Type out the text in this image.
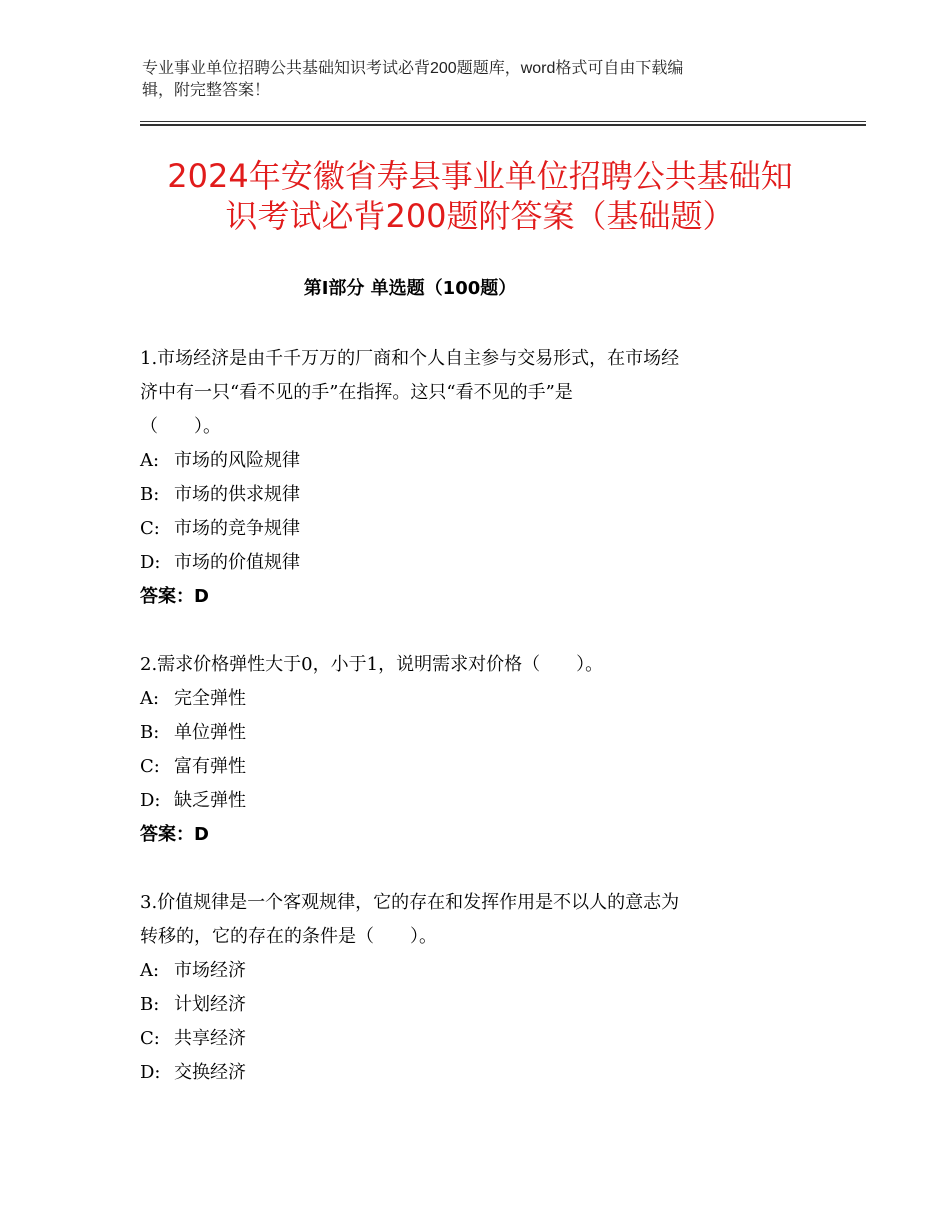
专业事业单位招聘公共基础知识考试必背200题题库，word格式可自由下载编
辑，附完整答案！
2024年安徽省寿县事业单位招聘公共基础知
识考试必背200题附答案（基础题）
第Ⅰ部分 单选题（100题）
1.市场经济是由千千万万的厂商和个人自主参与交易形式，在市场经
济中有一只“看不见的手”在指挥。这只“看不见的手”是
（　　）。
A: 市场的风险规律
B: 市场的供求规律
C: 市场的竞争规律
D: 市场的价值规律
答案：D
2.需求价格弹性大于0，小于1，说明需求对价格（　　）。
A: 完全弹性
B: 单位弹性
C: 富有弹性
D: 缺乏弹性
答案：D
3.价值规律是一个客观规律，它的存在和发挥作用是不以人的意志为
转移的，它的存在的条件是（　　）。
A: 市场经济
B: 计划经济
C: 共享经济
D: 交换经济
